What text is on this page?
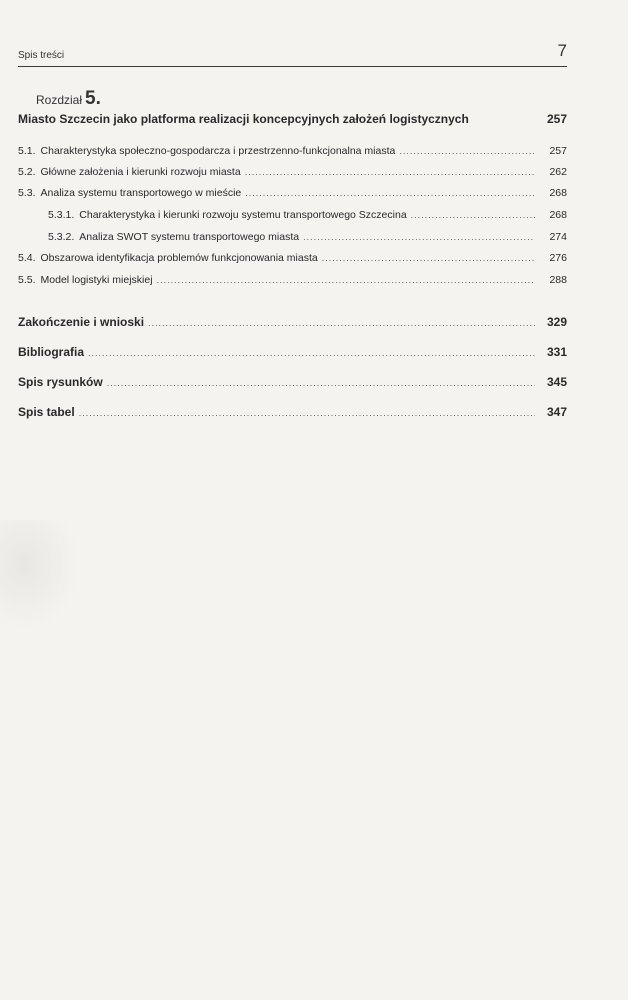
Spis treści	7
Rozdział 5.
Miasto Szczecin jako platforma realizacji koncepcyjnych założeń logistycznych	257
5.1. Charakterystyka społeczno-gospodarcza i przestrzenno-funkcjonalna miasta .....	257
5.2. Główne założenia i kierunki rozwoju miasta .....	262
5.3. Analiza systemu transportowego w mieście .....	268
5.3.1. Charakterystyka i kierunki rozwoju systemu transportowego Szczecina .....	268
5.3.2. Analiza SWOT systemu transportowego miasta .....	274
5.4. Obszarowa identyfikacja problemów funkcjonowania miasta .....	276
5.5. Model logistyki miejskiej .....	288
Zakończenie i wnioski .....	329
Bibliografia .....	331
Spis rysunków .....	345
Spis tabel .....	347
